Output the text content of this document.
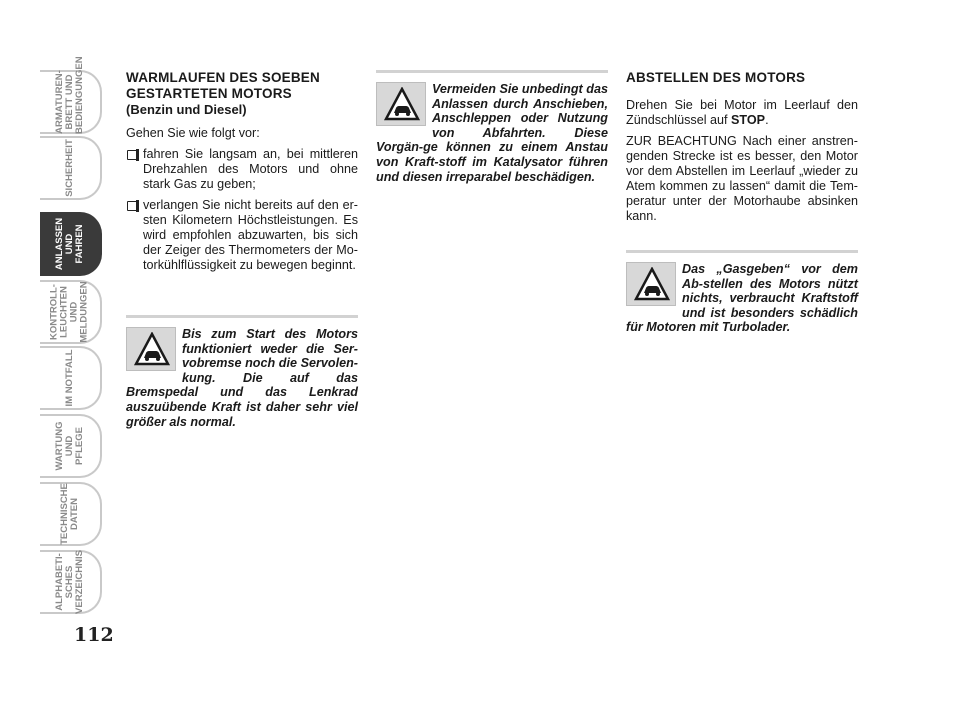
ARMATUREN-
BRETT UND
BEDIENGUNGEN
SICHERHEIT
ANLASSEN
UND FAHREN
KONTROLL-
LEUCHTEN UND
MELDUNGEN
IM NOTFALL
WARTUNG
UND PFLEGE
TECHNISCHE
DATEN
ALPHABETI-
SCHES
VERZEICHNIS
112
WARMLAUFEN DES SOEBEN GESTARTETEN MOTORS
(Benzin und Diesel)

Gehen Sie wie folgt vor:

fahren Sie langsam an, bei mittleren Drehzahlen des Motors und ohne stark Gas zu geben;
verlangen Sie nicht bereits auf den er-sten Kilometern Höchstleistungen. Es wird empfohlen abzuwarten, bis sich der Zeiger des Thermometers der Mo-torkühlflüssigkeit zu bewegen beginnt.

Bis zum Start des Motors funktioniert weder die Ser-vobremse noch die Servolen-kung. Die auf das Bremspedal und das Lenkrad auszuübende Kraft ist daher sehr viel größer als normal.

Vermeiden Sie unbedingt das Anlassen durch Anschieben, Anschleppen oder Nutzung von Abfahrten. Diese Vorgän-ge können zu einem Anstau von Kraft-stoff im Katalysator führen und diesen irreparabel beschädigen.

ABSTELLEN DES MOTORS

Drehen Sie bei Motor im Leerlauf den Zündschlüssel auf STOP.

ZUR BEACHTUNG Nach einer anstren-genden Strecke ist es besser, den Motor vor dem Abstellen im Leerlauf „wieder zu Atem kommen zu lassen“ damit die Tem-peratur unter der Motorhaube absinken kann.

Das „Gasgeben“ vor dem Ab-stellen des Motors nützt nichts, verbraucht Kraftstoff und ist besonders schädlich für Motoren mit Turbolader.
